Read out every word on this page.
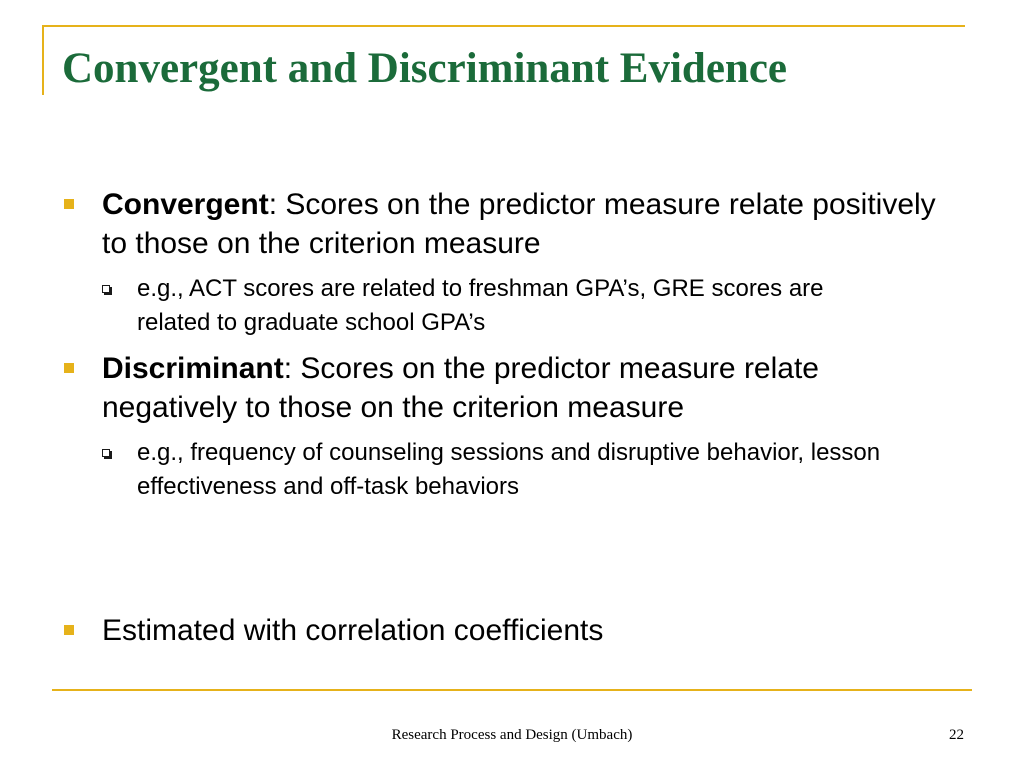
Convergent and Discriminant Evidence
Convergent: Scores on the predictor measure relate positively to those on the criterion measure
e.g., ACT scores are related to freshman GPA’s, GRE scores are related to graduate school GPA’s
Discriminant: Scores on the predictor measure relate negatively to those on the criterion measure
e.g., frequency of counseling sessions and disruptive behavior, lesson effectiveness and off-task behaviors
Estimated with correlation coefficients
Research Process and Design (Umbach)	22
